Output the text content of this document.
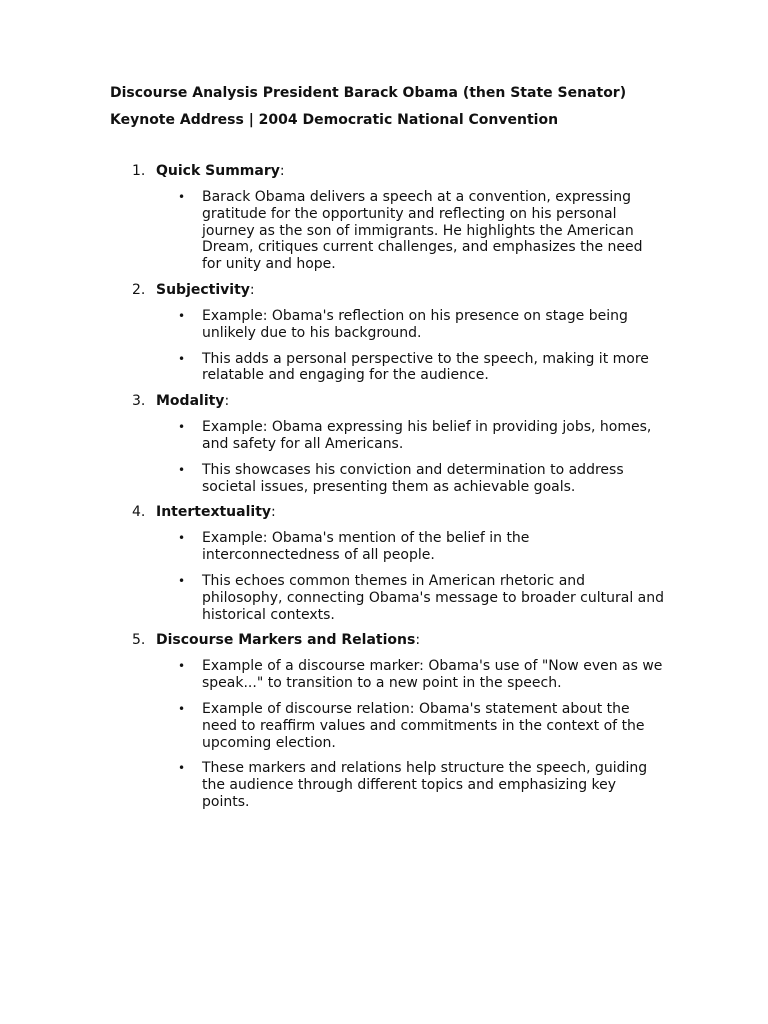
Discourse Analysis President Barack Obama (then State Senator)

Keynote Address | 2004 Democratic National Convention

1. Quick Summary:
• Barack Obama delivers a speech at a convention, expressing gratitude for the opportunity and reflecting on his personal journey as the son of immigrants. He highlights the American Dream, critiques current challenges, and emphasizes the need for unity and hope.
2. Subjectivity:
• Example: Obama's reflection on his presence on stage being unlikely due to his background.
• This adds a personal perspective to the speech, making it more relatable and engaging for the audience.
3. Modality:
• Example: Obama expressing his belief in providing jobs, homes, and safety for all Americans.
• This showcases his conviction and determination to address societal issues, presenting them as achievable goals.
4. Intertextuality:
• Example: Obama's mention of the belief in the interconnectedness of all people.
• This echoes common themes in American rhetoric and philosophy, connecting Obama's message to broader cultural and historical contexts.
5. Discourse Markers and Relations:
• Example of a discourse marker: Obama's use of "Now even as we speak..." to transition to a new point in the speech.
• Example of discourse relation: Obama's statement about the need to reaffirm values and commitments in the context of the upcoming election.
• These markers and relations help structure the speech, guiding the audience through different topics and emphasizing key points.
